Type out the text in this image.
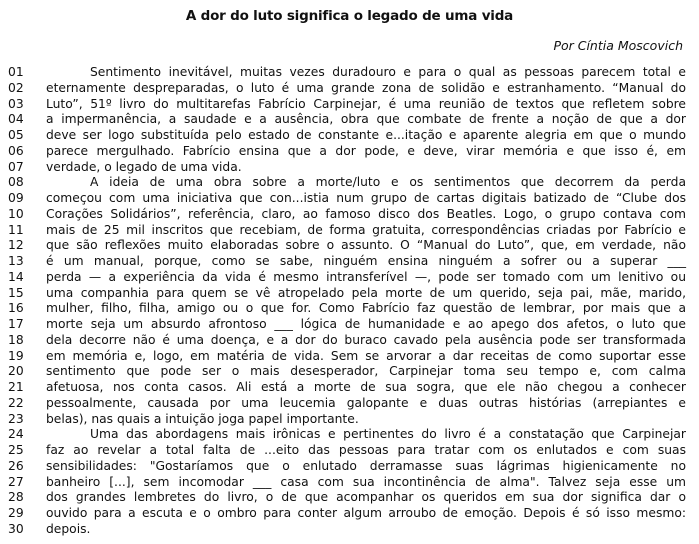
A dor do luto significa o legado de uma vida
Por Cíntia Moscovich
01	Sentimento inevitável, muitas vezes duradouro e para o qual as pessoas parecem total e
02	eternamente despreparadas, o luto é uma grande zona de solidão e estranhamento. “Manual do
03	Luto”, 51º livro do multitarefas Fabrício Carpinejar, é uma reunião de textos que refletem sobre
04	a impermanência, a saudade e a ausência, obra que combate de frente a noção de que a dor
05	deve ser logo substituída pelo estado de constante e...itação e aparente alegria em que o mundo
06	parece mergulhado. Fabrício ensina que a dor pode, e deve, virar memória e que isso é, em
07	verdade, o legado de uma vida.
08	A ideia de uma obra sobre a morte/luto e os sentimentos que decorrem da perda
09	começou com uma iniciativa que con...istia num grupo de cartas digitais batizado de “Clube dos
10	Corações Solidários”, referência, claro, ao famoso disco dos Beatles. Logo, o grupo contava com
11	mais de 25 mil inscritos que recebiam, de forma gratuita, correspondências criadas por Fabrício e
12	que são reflexões muito elaboradas sobre o assunto. O “Manual do Luto”, que, em verdade, não
13	é um manual, porque, como se sabe, ninguém ensina ninguém a sofrer ou a superar ___
14	perda — a experiência da vida é mesmo intransferível —, pode ser tomado com um lenitivo ou
15	uma companhia para quem se vê atropelado pela morte de um querido, seja pai, mãe, marido,
16	mulher, filho, filha, amigo ou o que for. Como Fabrício faz questão de lembrar, por mais que a
17	morte seja um absurdo afrontoso ___ lógica de humanidade e ao apego dos afetos, o luto que
18	dela decorre não é uma doença, e a dor do buraco cavado pela ausência pode ser transformada
19	em memória e, logo, em matéria de vida. Sem se arvorar a dar receitas de como suportar esse
20	sentimento que pode ser o mais desesperador, Carpinejar toma seu tempo e, com calma
21	afetuosa, nos conta casos. Ali está a morte de sua sogra, que ele não chegou a conhecer
22	pessoalmente, causada por uma leucemia galopante e duas outras histórias (arrepiantes e
23	belas), nas quais a intuição joga papel importante.
24	Uma das abordagens mais irônicas e pertinentes do livro é a constatação que Carpinejar
25	faz ao revelar a total falta de ...eito das pessoas para tratar com os enlutados e com suas
26	sensibilidades: "Gostaríamos que o enlutado derramasse suas lágrimas higienicamente no
27	banheiro [...], sem incomodar ___ casa com sua incontinência de alma". Talvez seja esse um
28	dos grandes lembretes do livro, o de que acompanhar os queridos em sua dor significa dar o
29	ouvido para a escuta e o ombro para conter algum arroubo de emoção. Depois é só isso mesmo:
30	depois.
